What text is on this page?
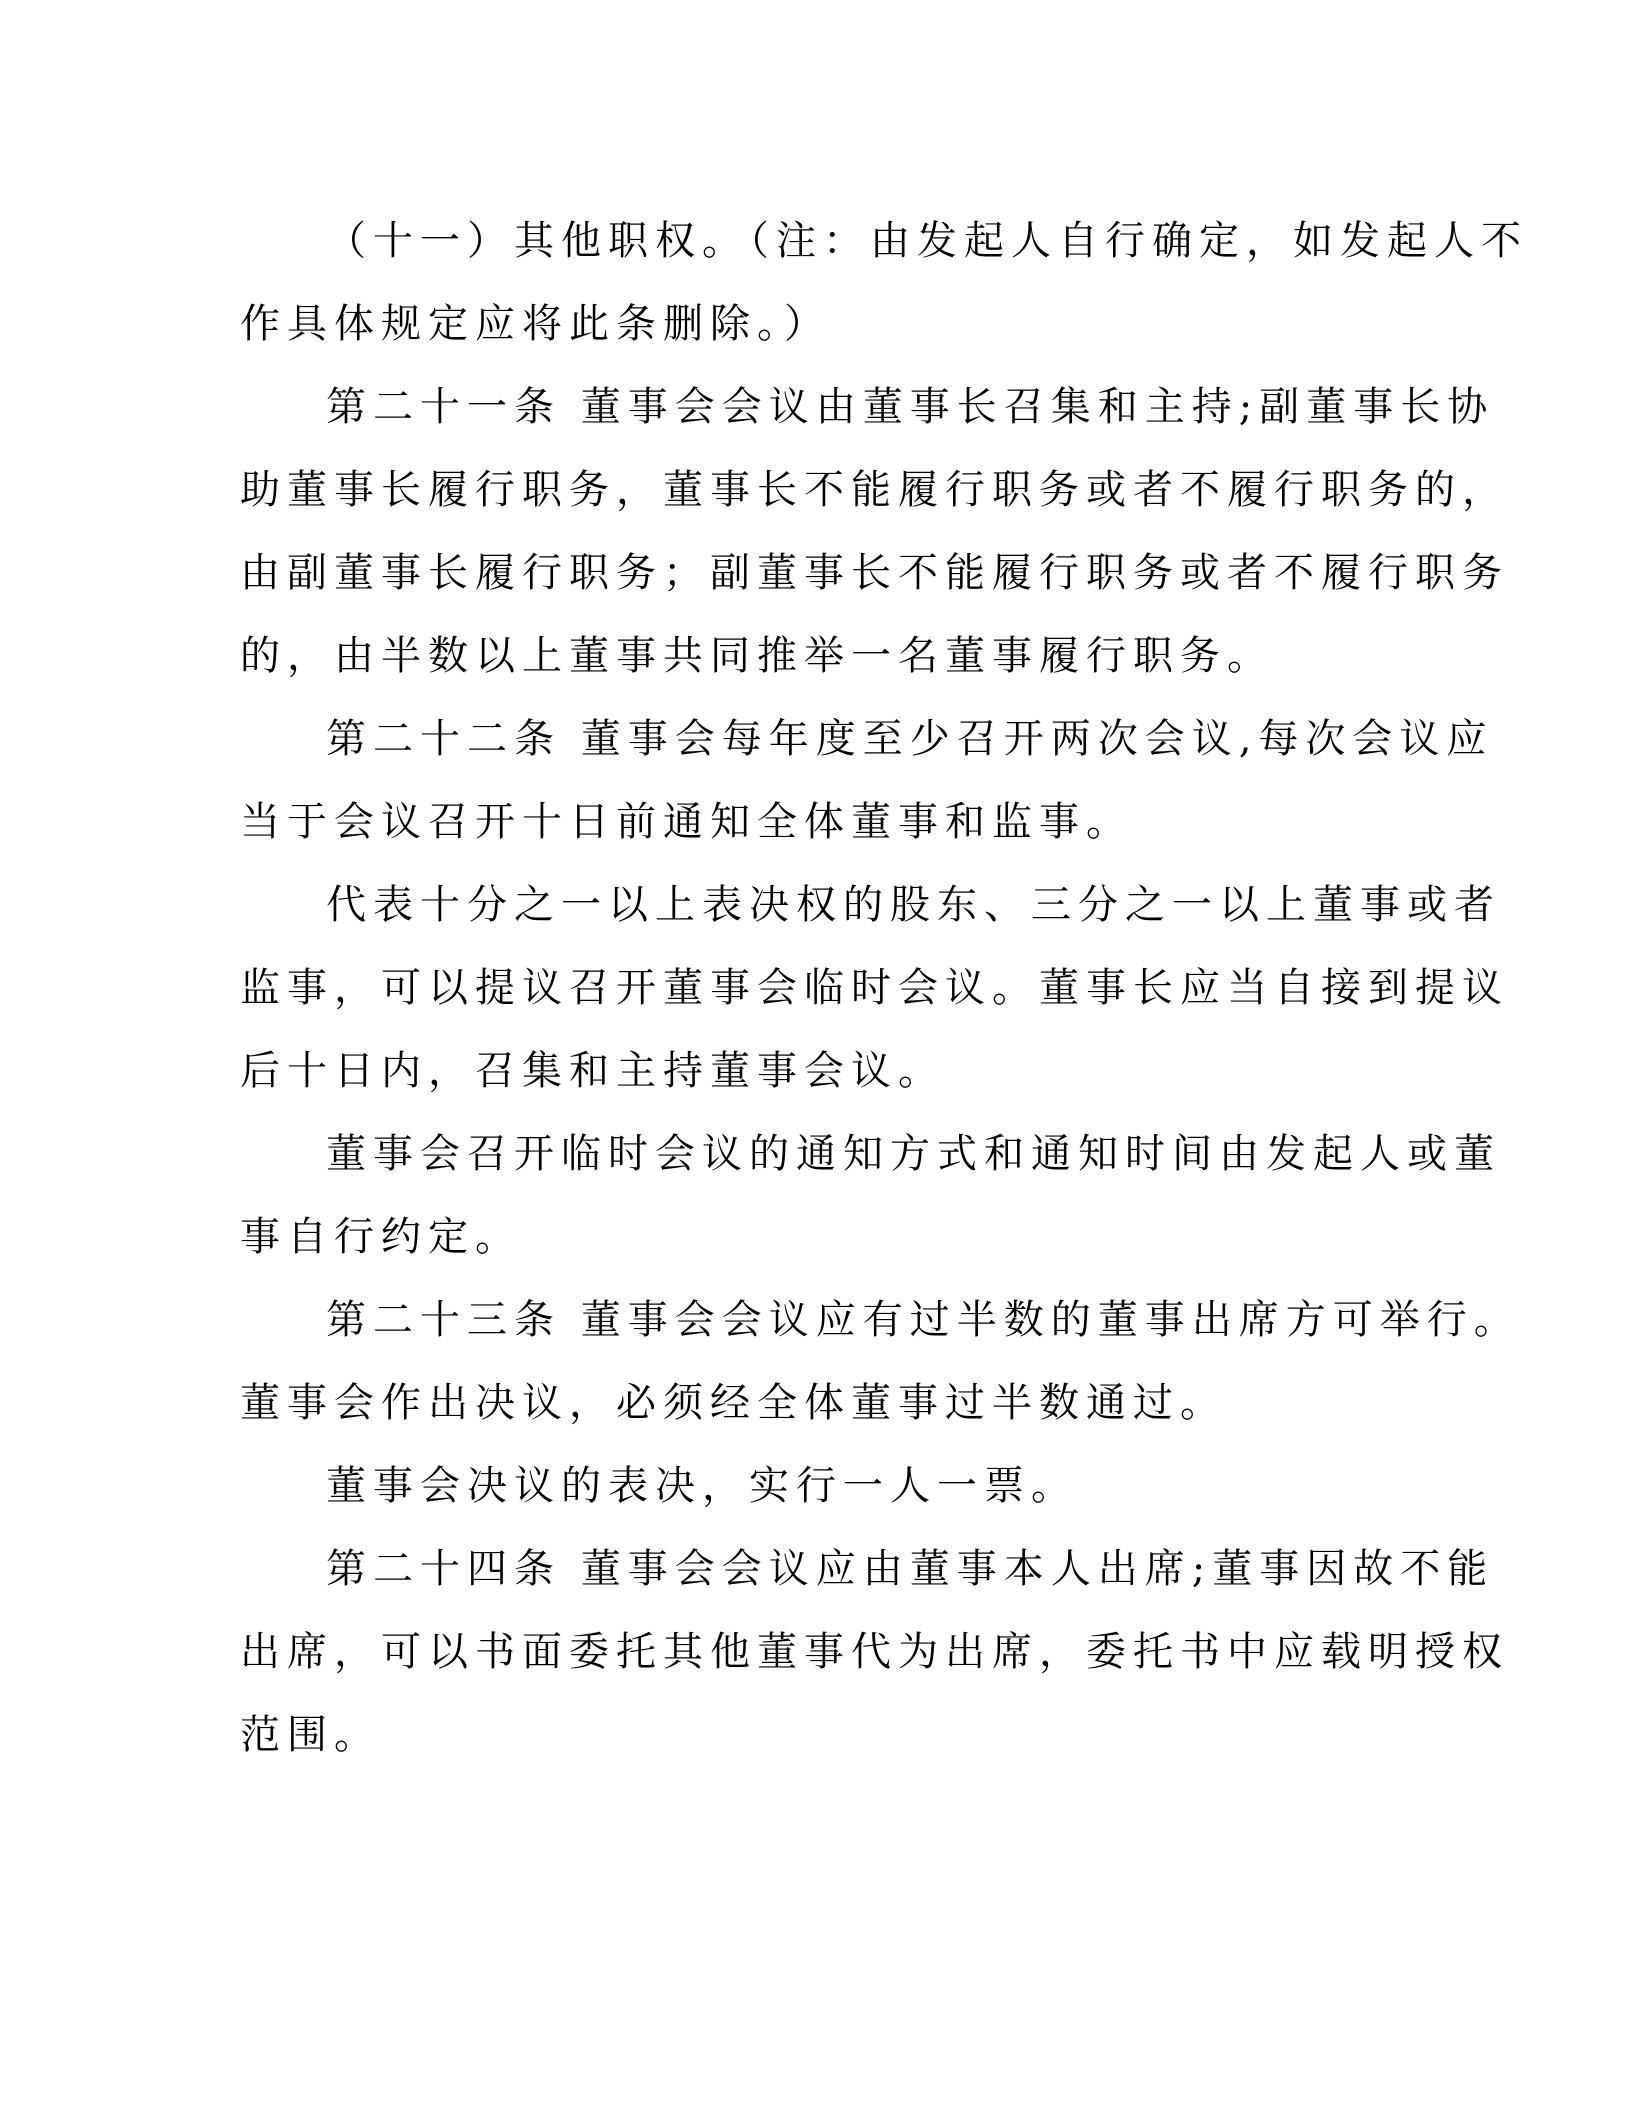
（十一）其他职权。（注：由发起人自行确定，如发起人不
作具体规定应将此条删除。）
第二十一条 董事会会议由董事长召集和主持;副董事长协
助董事长履行职务，董事长不能履行职务或者不履行职务的，
由副董事长履行职务；副董事长不能履行职务或者不履行职务
的，由半数以上董事共同推举一名董事履行职务。
第二十二条 董事会每年度至少召开两次会议,每次会议应
当于会议召开十日前通知全体董事和监事。
代表十分之一以上表决权的股东、三分之一以上董事或者
监事，可以提议召开董事会临时会议。董事长应当自接到提议
后十日内，召集和主持董事会议。
董事会召开临时会议的通知方式和通知时间由发起人或董
事自行约定。
第二十三条 董事会会议应有过半数的董事出席方可举行。
董事会作出决议，必须经全体董事过半数通过。
董事会决议的表决，实行一人一票。
第二十四条 董事会会议应由董事本人出席;董事因故不能
出席，可以书面委托其他董事代为出席，委托书中应载明授权
范围。
